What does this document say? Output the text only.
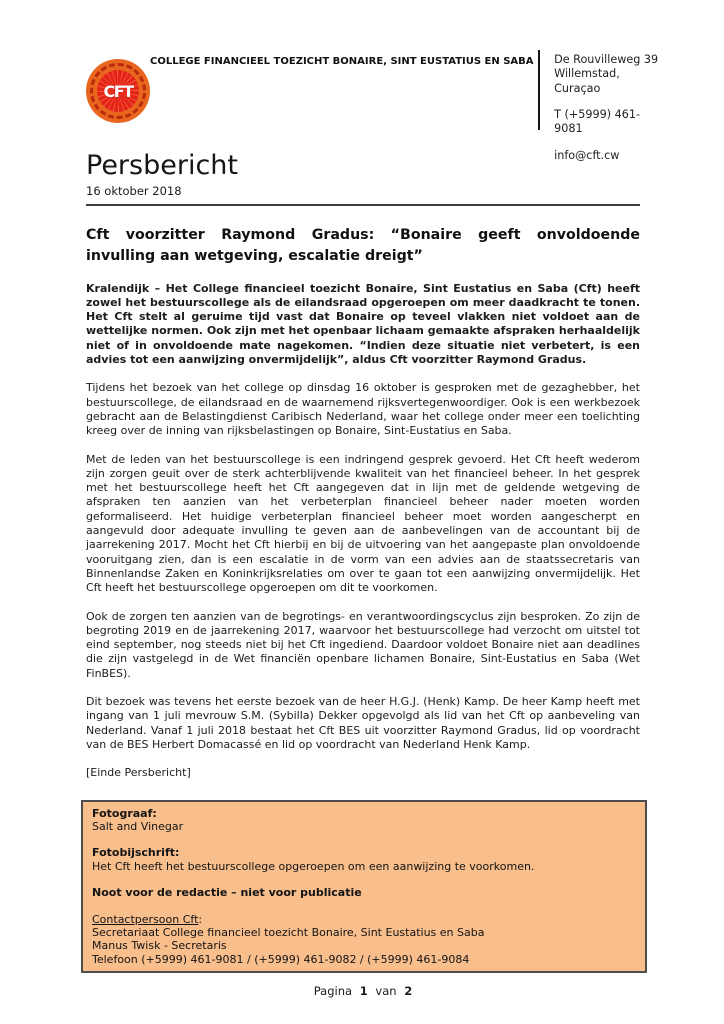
CFT
COLLEGE FINANCIEEL TOEZICHT BONAIRE, SINT EUSTATIUS EN SABA De Rouvilleweg 39
Willemstad, Curaçao
T (+5999) 461-9081
info@cft.cw
Persbericht
16 oktober 2018
Cft voorzitter Raymond Gradus: “Bonaire geeft onvoldoende invulling aan wetgeving, escalatie dreigt”

Kralendijk – Het College financieel toezicht Bonaire, Sint Eustatius en Saba (Cft) heeft zowel het bestuurscollege als de eilandsraad opgeroepen om meer daadkracht te tonen. Het Cft stelt al geruime tijd vast dat Bonaire op teveel vlakken niet voldoet aan de wettelijke normen. Ook zijn met het openbaar lichaam gemaakte afspraken herhaaldelijk niet of in onvoldoende mate nagekomen. “Indien deze situatie niet verbetert, is een advies tot een aanwijzing onvermijdelijk”, aldus Cft voorzitter Raymond Gradus.

Tijdens het bezoek van het college op dinsdag 16 oktober is gesproken met de gezaghebber, het bestuurscollege, de eilandsraad en de waarnemend rijksvertegenwoordiger. Ook is een werkbezoek gebracht aan de Belastingdienst Caribisch Nederland, waar het college onder meer een toelichting kreeg over de inning van rijksbelastingen op Bonaire, Sint-Eustatius en Saba.

Met de leden van het bestuurscollege is een indringend gesprek gevoerd. Het Cft heeft wederom zijn zorgen geuit over de sterk achterblijvende kwaliteit van het financieel beheer. In het gesprek met het bestuurscollege heeft het Cft aangegeven dat in lijn met de geldende wetgeving de afspraken ten aanzien van het verbeterplan financieel beheer nader moeten worden geformaliseerd. Het huidige verbeterplan financieel beheer moet worden aangescherpt en aangevuld door adequate invulling te geven aan de aanbevelingen van de accountant bij de jaarrekening 2017. Mocht het Cft hierbij en bij de uitvoering van het aangepaste plan onvoldoende vooruitgang zien, dan is een escalatie in de vorm van een advies aan de staatssecretaris van Binnenlandse Zaken en Koninkrijksrelaties om over te gaan tot een aanwijzing onvermijdelijk. Het Cft heeft het bestuurscollege opgeroepen om dit te voorkomen.

Ook de zorgen ten aanzien van de begrotings- en verantwoordingscyclus zijn besproken. Zo zijn de begroting 2019 en de jaarrekening 2017, waarvoor het bestuurscollege had verzocht om uitstel tot eind september, nog steeds niet bij het Cft ingediend. Daardoor voldoet Bonaire niet aan deadlines die zijn vastgelegd in de Wet financiën openbare lichamen Bonaire, Sint-Eustatius en Saba (Wet FinBES).

Dit bezoek was tevens het eerste bezoek van de heer H.G.J. (Henk) Kamp. De heer Kamp heeft met ingang van 1 juli mevrouw S.M. (Sybilla) Dekker opgevolgd als lid van het Cft op aanbeveling van Nederland. Vanaf 1 juli 2018 bestaat het Cft BES uit voorzitter Raymond Gradus, lid op voordracht van de BES Herbert Domacassé en lid op voordracht van Nederland Henk Kamp.

[Einde Persbericht]

Fotograaf:
Salt and Vinegar
Fotobijschrift:
Het Cft heeft het bestuurscollege opgeroepen om een aanwijzing te voorkomen.
Noot voor de redactie – niet voor publicatie
Contactpersoon Cft:
Secretariaat College financieel toezicht Bonaire, Sint Eustatius en Saba
Manus Twisk - Secretaris
Telefoon (+5999) 461-9081 / (+5999) 461-9082 / (+5999) 461-9084
Pagina 1 van 2
